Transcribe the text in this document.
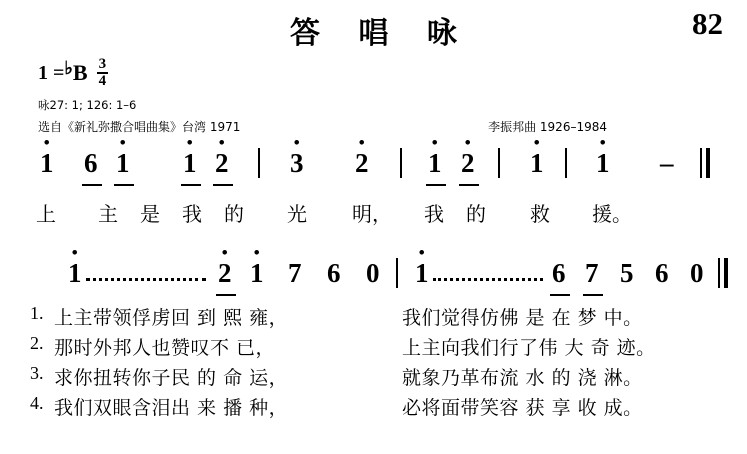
答 唱 咏	82
1 = ♭ B $\frac{3}{4}$
咏27: 1; 126: 1–6
选自《新礼弥撒合唱曲集》台湾 1971	李振邦曲 1926–1984
• 1 6 • 1 • 1 • 2 • 3 • 2 • 1 • 2 • 1 • 1 –
上 主 是 我 的 光 明， 我 的 救 援。
• 1	• 2 • 1 7 6 0 • 1	6 7 5 6 0
1. 上主带领俘虏回 到 熙 雍，	我们觉得仿佛 是 在 梦 中。
2. 那时外邦人也赞叹不 已，	上主向我们行了伟 大 奇 迹。
3. 求你扭转你子民 的 命 运，	就象乃革布流 水 的 浇 淋。
4. 我们双眼含泪出 来 播 种，	必将面带笑容 获 享 收 成。
